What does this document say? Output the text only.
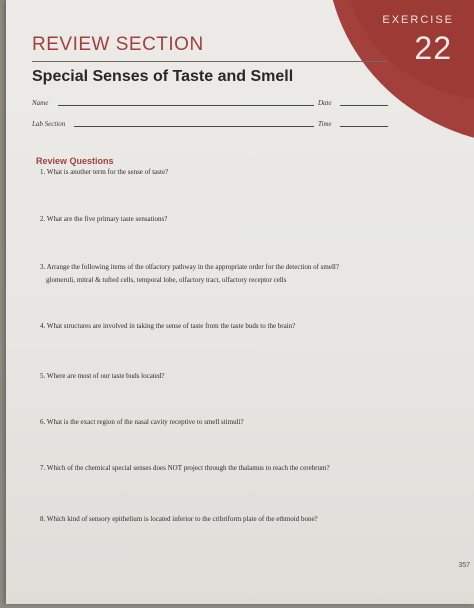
EXERCISE
22
REVIEW SECTION
Special Senses of Taste and Smell
Name	Date
Lab Section	Time
Review Questions
1. What is another term for the sense of taste?
2. What are the five primary taste sensations?
3. Arrange the following items of the olfactory pathway in the appropriate order for the detection of smell?
glomeruli, mitral & tufted cells, temporal lobe, olfactory tract, olfactory receptor cells
4. What structures are involved in taking the sense of taste from the taste buds to the brain?
5. Where are most of our taste buds located?
6. What is the exact region of the nasal cavity receptive to smell stimuli?
7. Which of the chemical special senses does NOT project through the thalamus to reach the cerebrum?
8. Which kind of sensory epithelium is located inferior to the cribriform plate of the ethmoid bone?
357
